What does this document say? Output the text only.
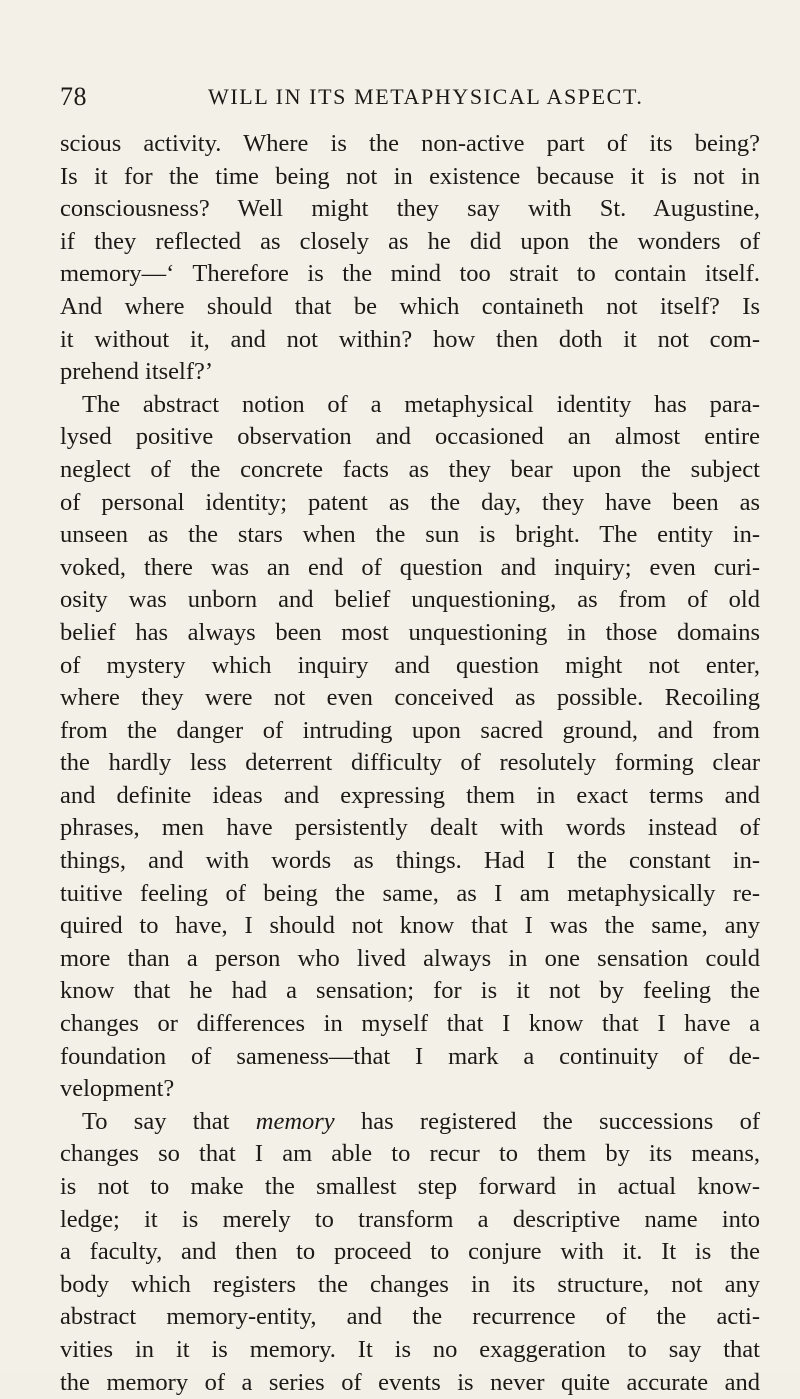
78	WILL IN ITS METAPHYSICAL ASPECT.
scious activity. Where is the non-active part of its being?
Is it for the time being not in existence because it is not in
consciousness? Well might they say with St. Augustine,
if they reflected as closely as he did upon the wonders of
memory—‘ Therefore is the mind too strait to contain itself.
And where should that be which containeth not itself? Is
it without it, and not within? how then doth it not com-
prehend itself?’
The abstract notion of a metaphysical identity has para-
lysed positive observation and occasioned an almost entire
neglect of the concrete facts as they bear upon the subject
of personal identity; patent as the day, they have been as
unseen as the stars when the sun is bright. The entity in-
voked, there was an end of question and inquiry; even curi-
osity was unborn and belief unquestioning, as from of old
belief has always been most unquestioning in those domains
of mystery which inquiry and question might not enter,
where they were not even conceived as possible. Recoiling
from the danger of intruding upon sacred ground, and from
the hardly less deterrent difficulty of resolutely forming clear
and definite ideas and expressing them in exact terms and
phrases, men have persistently dealt with words instead of
things, and with words as things. Had I the constant in-
tuitive feeling of being the same, as I am metaphysically re-
quired to have, I should not know that I was the same, any
more than a person who lived always in one sensation could
know that he had a sensation; for is it not by feeling the
changes or differences in myself that I know that I have a
foundation of sameness—that I mark a continuity of de-
velopment?
To say that memory has registered the successions of
changes so that I am able to recur to them by its means,
is not to make the smallest step forward in actual know-
ledge; it is merely to transform a descriptive name into
a faculty, and then to proceed to conjure with it. It is the
body which registers the changes in its structure, not any
abstract memory-entity, and the recurrence of the acti-
vities in it is memory. It is no exaggeration to say that
the memory of a series of events is never quite accurate and
